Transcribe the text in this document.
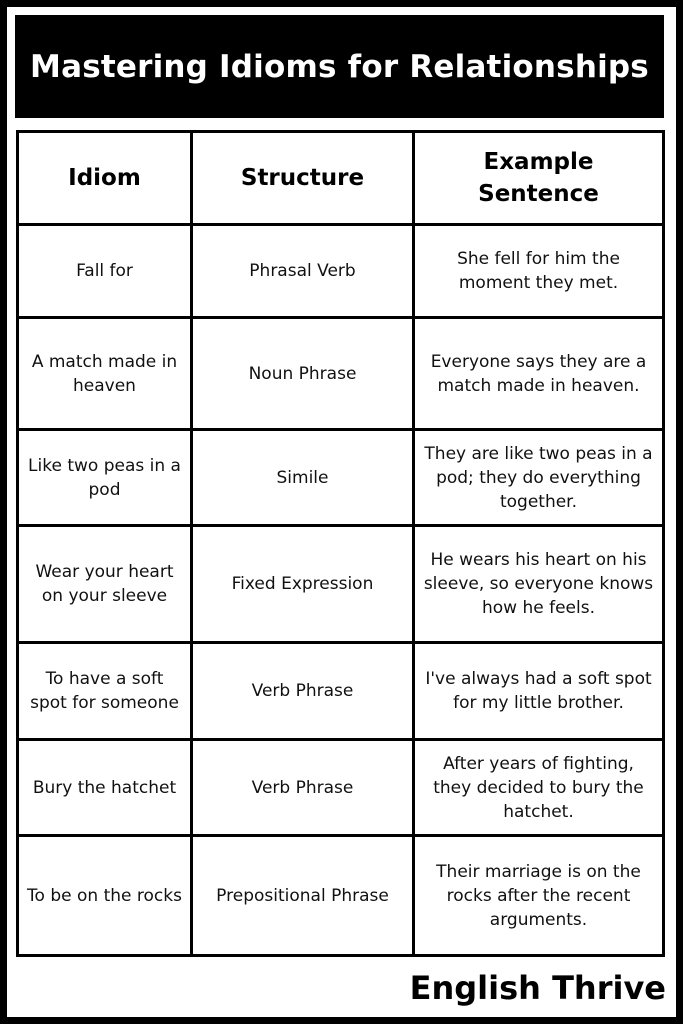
Mastering Idioms for Relationships
Idiom	Structure	Example Sentence
Fall for	Phrasal Verb	She fell for him the moment they met.
A match made in heaven	Noun Phrase	Everyone says they are a match made in heaven.
Like two peas in a pod	Simile	They are like two peas in a pod; they do everything together.
Wear your heart on your sleeve	Fixed Expression	He wears his heart on his sleeve, so everyone knows how he feels.
To have a soft spot for someone	Verb Phrase	I've always had a soft spot for my little brother.
Bury the hatchet	Verb Phrase	After years of fighting, they decided to bury the hatchet.
To be on the rocks	Prepositional Phrase	Their marriage is on the rocks after the recent arguments.
English Thrive
